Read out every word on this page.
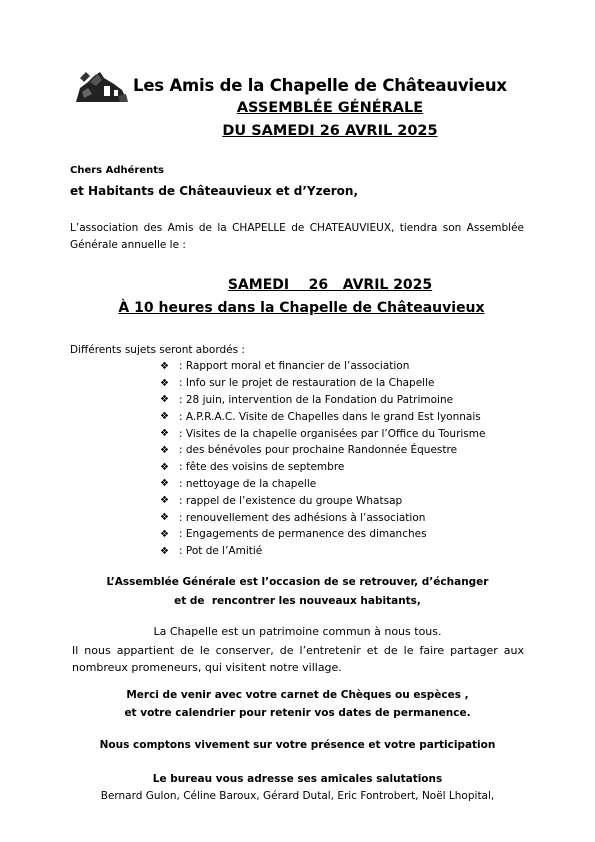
Les Amis de la Chapelle de Châteauvieux
ASSEMBLÉE GÉNÉRALE
DU SAMEDI 26 AVRIL 2025
Chers Adhérents
et Habitants de Châteauvieux et d’Yzeron,
L’association des Amis de la CHAPELLE de CHATEAUVIEUX, tiendra son Assemblée Générale annuelle le :
SAMEDI    26   AVRIL 2025
À 10 heures dans la Chapelle de Châteauvieux
Différents sujets seront abordés :
❖ : Rapport moral et financier de l’association
❖ : Info sur le projet de restauration de la Chapelle
❖ : 28 juin, intervention de la Fondation du Patrimoine
❖ : A.P.R.A.C. Visite de Chapelles dans le grand Est lyonnais
❖ : Visites de la chapelle organisées par l’Office du Tourisme
❖ : des bénévoles pour prochaine Randonnée Équestre
❖ : fête des voisins de septembre
❖ : nettoyage de la chapelle
❖ : rappel de l’existence du groupe Whatsap
❖ : renouvellement des adhésions à l’association
❖ : Engagements de permanence des dimanches
❖ : Pot de l’Amitié
L’Assemblée Générale est l’occasion de se retrouver, d’échanger
et de  rencontrer les nouveaux habitants,
La Chapelle est un patrimoine commun à nous tous.
Il nous appartient de le conserver, de l’entretenir et de le faire partager aux nombreux promeneurs, qui visitent notre village.
Merci de venir avec votre carnet de Chèques ou espèces ,
et votre calendrier pour retenir vos dates de permanence.
Nous comptons vivement sur votre présence et votre participation
Le bureau vous adresse ses amicales salutations
Bernard Gulon, Céline Baroux, Gérard Dutal, Eric Fontrobert, Noël Lhopital,
